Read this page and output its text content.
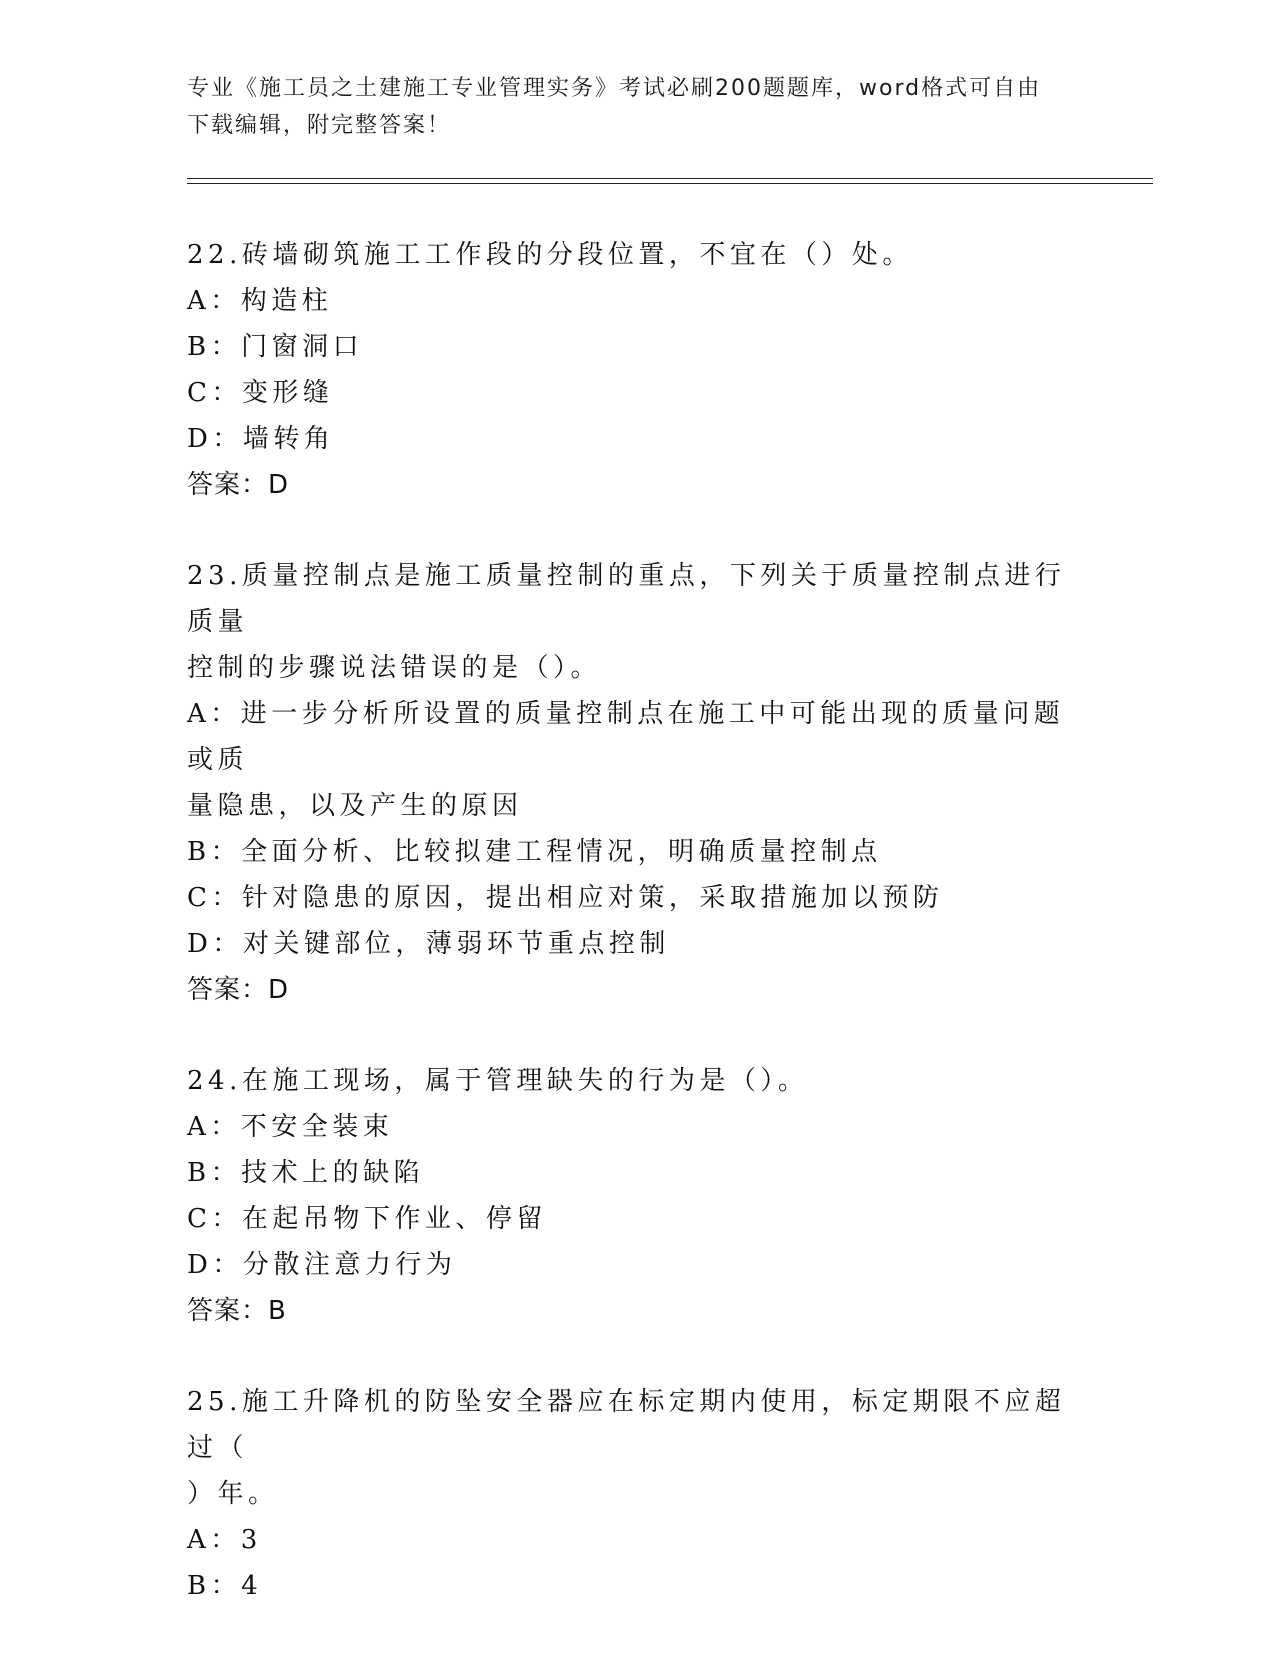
专业《施工员之土建施工专业管理实务》考试必刷200题题库，word格式可自由
下载编辑，附完整答案！
22.砖墙砌筑施工工作段的分段位置，不宜在（）处。
A：构造柱
B：门窗洞口
C：变形缝
D：墙转角
答案：D
23.质量控制点是施工质量控制的重点，下列关于质量控制点进行质量
控制的步骤说法错误的是（）。
A：进一步分析所设置的质量控制点在施工中可能出现的质量问题或质
量隐患，以及产生的原因
B：全面分析、比较拟建工程情况，明确质量控制点
C：针对隐患的原因，提出相应对策，采取措施加以预防
D：对关键部位，薄弱环节重点控制
答案：D
24.在施工现场，属于管理缺失的行为是（）。
A：不安全装束
B：技术上的缺陷
C：在起吊物下作业、停留
D：分散注意力行为
答案：B
25.施工升降机的防坠安全器应在标定期内使用，标定期限不应超过（
）年。
A：3
B：4
